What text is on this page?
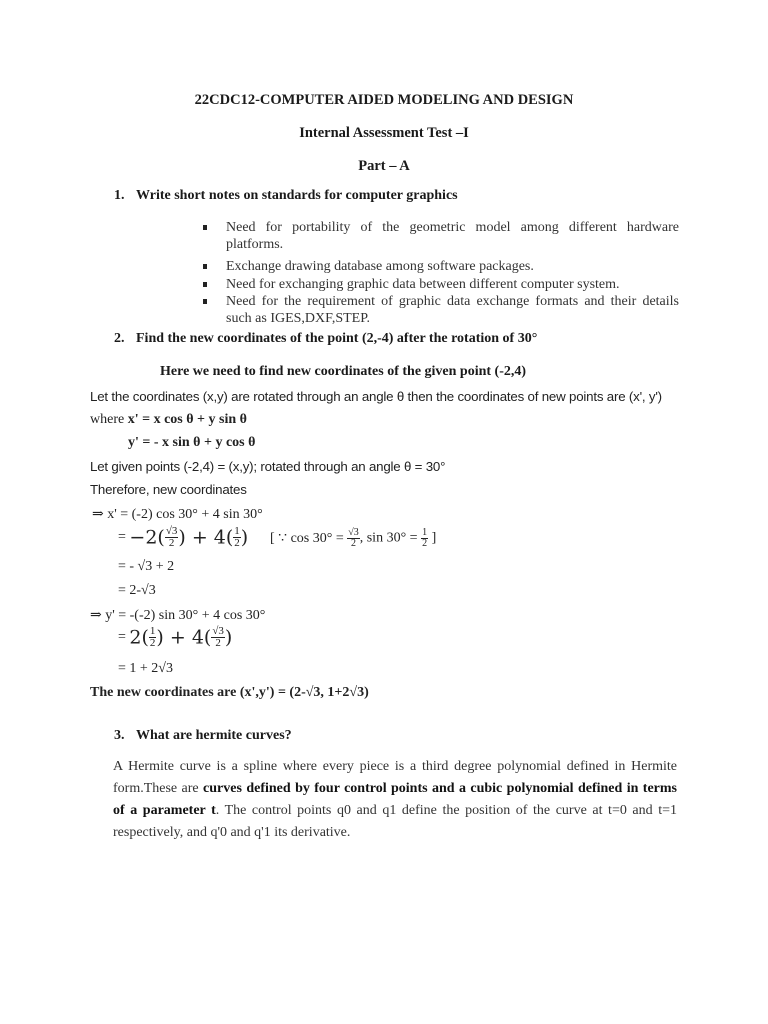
22CDC12-COMPUTER AIDED MODELING AND DESIGN
Internal Assessment Test –I
Part – A
1. Write short notes on standards for computer graphics
Need for portability of the geometric model among different hardware platforms.
Exchange drawing database among software packages.
Need for exchanging graphic data between different computer system.
Need for the requirement of graphic data exchange formats and their details such as IGES,DXF,STEP.
2. Find the new coordinates of the point (2,-4) after the rotation of 30°
Here we need to find new coordinates of the given point (-2,4)
Let the coordinates (x,y) are rotated through an angle θ then the coordinates of new points are (x', y')
where x' = x cos θ + y sin θ
y' = - x sin θ + y cos θ
Let given points (-2,4) = (x,y); rotated through an angle θ = 30°
Therefore, new coordinates
⇒ x' = (-2) cos 30° + 4 sin 30°
= $-2( \frac{√3}{2}$ ) + $4( \frac{1}{2}$ ) [ ∵ $\cos 30^\circ = \frac{√3}{2}$ , $\sin 30^\circ = \frac{1}{2}$ ]
= - √3 + 2
= 2-√3
⇒ y' = -(-2) sin 30° + 4 cos 30°
= $2( \frac{1}{2}$ ) + $4( \frac{√3}{2}$ )
= 1 + 2√3
The new coordinates are (x',y') = (2-√3, 1+2√3)
3. What are hermite curves?
A Hermite curve is a spline where every piece is a third degree polynomial defined in Hermite form.These are curves defined by four control points and a cubic polynomial defined in terms of a parameter t. The control points q0 and q1 define the position of the curve at t=0 and t=1 respectively, and q'0 and q'1 its derivative.
